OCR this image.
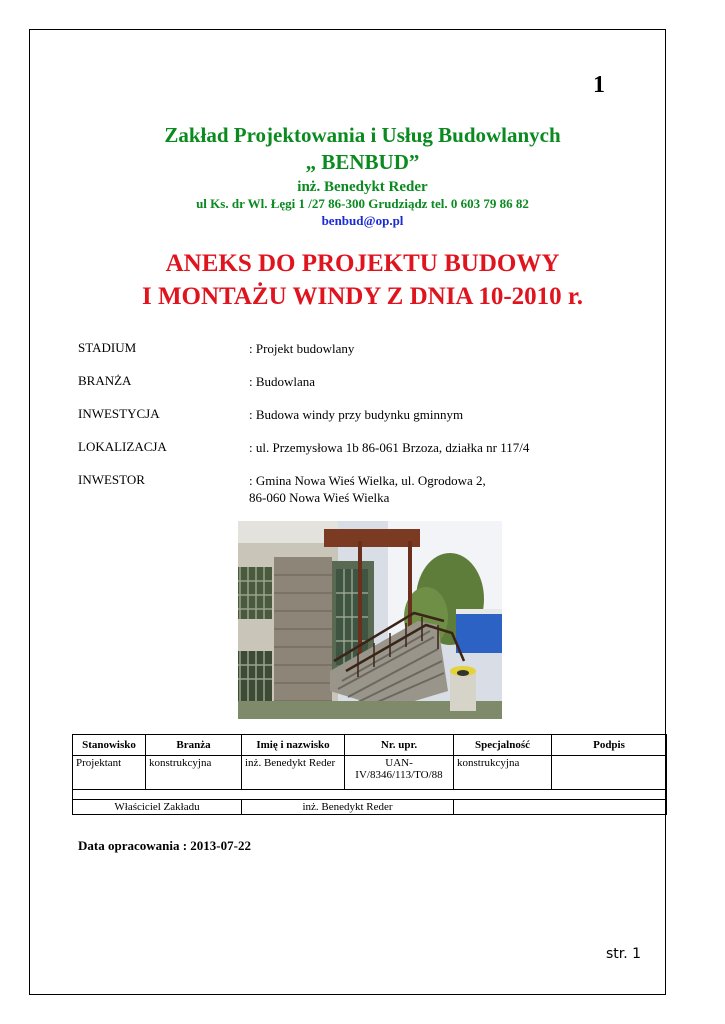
1
Zakład Projektowania i Usług Budowlanych
„ BENBUD”
inż. Benedykt Reder
ul Ks. dr Wl. Łęgi 1 /27 86-300 Grudziądz tel. 0 603 79 86 82
benbud@op.pl
ANEKS DO PROJEKTU BUDOWY
I MONTAŻU WINDY Z DNIA 10-2010 r.
STADIUM	: Projekt budowlany
BRANŻA	: Budowlana
INWESTYCJA	: Budowa windy przy budynku gminnym
LOKALIZACJA	: ul. Przemysłowa 1b 86-061 Brzoza, działka nr 117/4
INWESTOR	: Gmina Nowa Wieś Wielka, ul. Ogrodowa 2,
86-060 Nowa Wieś Wielka
Stanowisko	Branża	Imię i nazwisko	Nr. upr.	Specjalność	Podpis
Projektant	konstrukcyjna	inż. Benedykt Reder	UAN-IV/8346/113/TO/88	konstrukcyjna	

Właściciel Zakładu		inż. Benedykt Reder			
Data opracowania : 2013-07-22
str. 1
